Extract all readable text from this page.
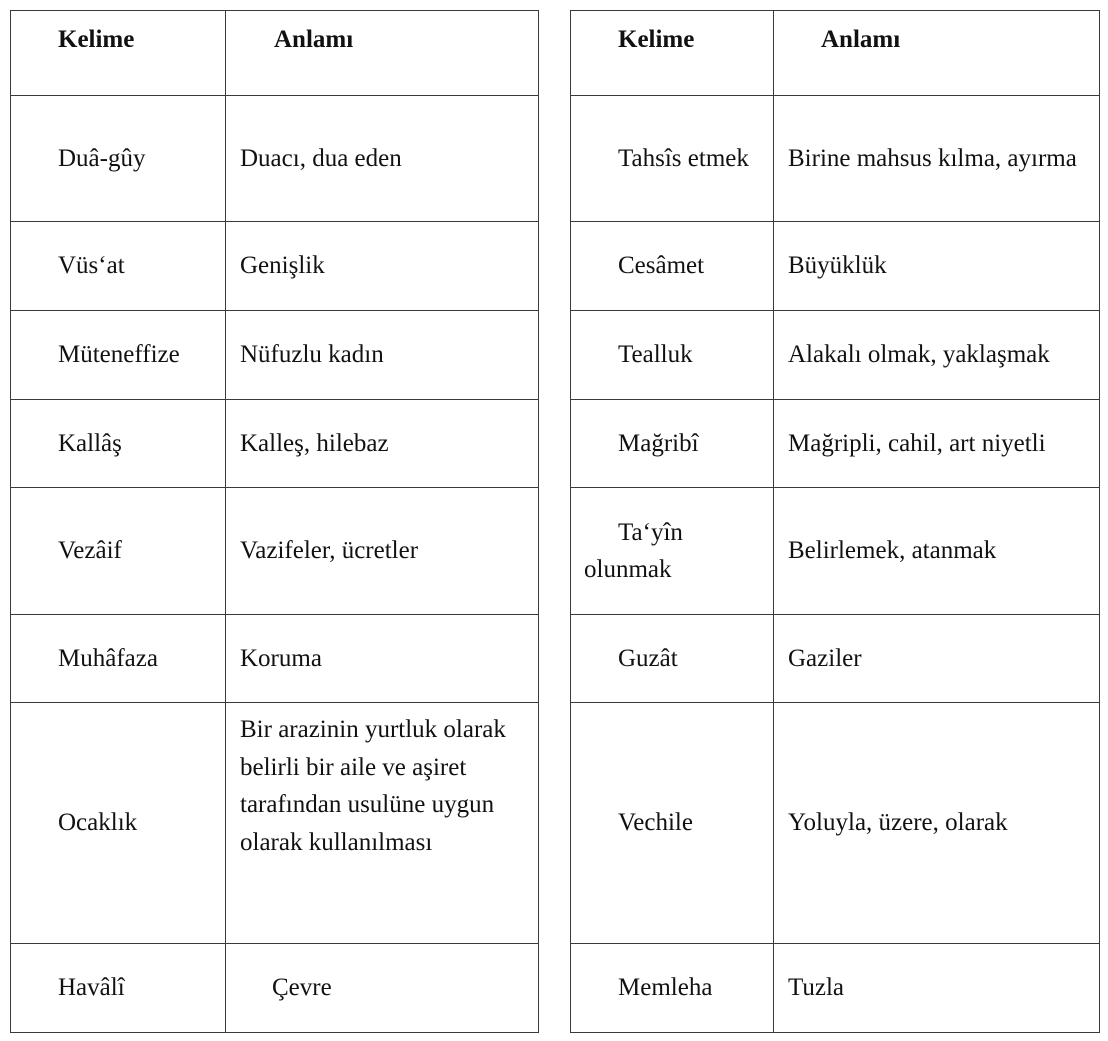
Kelime	Anlamı
Duâ-gûy	Duacı, dua eden
Vüs‘at	Genişlik
Müteneffize	Nüfuzlu kadın
Kallâş	Kalleş, hilebaz
Vezâif	Vazifeler, ücretler
Muhâfaza	Koruma
Ocaklık	Bir arazinin yurtluk olarak belirli bir aile ve aşiret tarafından usulüne uygun olarak kullanılması
Havâlî	Çevre
Kelime	Anlamı
Tahsîs etmek	Birine mahsus kılma, ayırma
Cesâmet	Büyüklük
Tealluk	Alakalı olmak, yaklaşmak
Mağribî	Mağripli, cahil, art niyetli
Ta‘yîn olunmak	Belirlemek, atanmak
Guzât	Gaziler
Vechile	Yoluyla, üzere, olarak
Memleha	Tuzla
